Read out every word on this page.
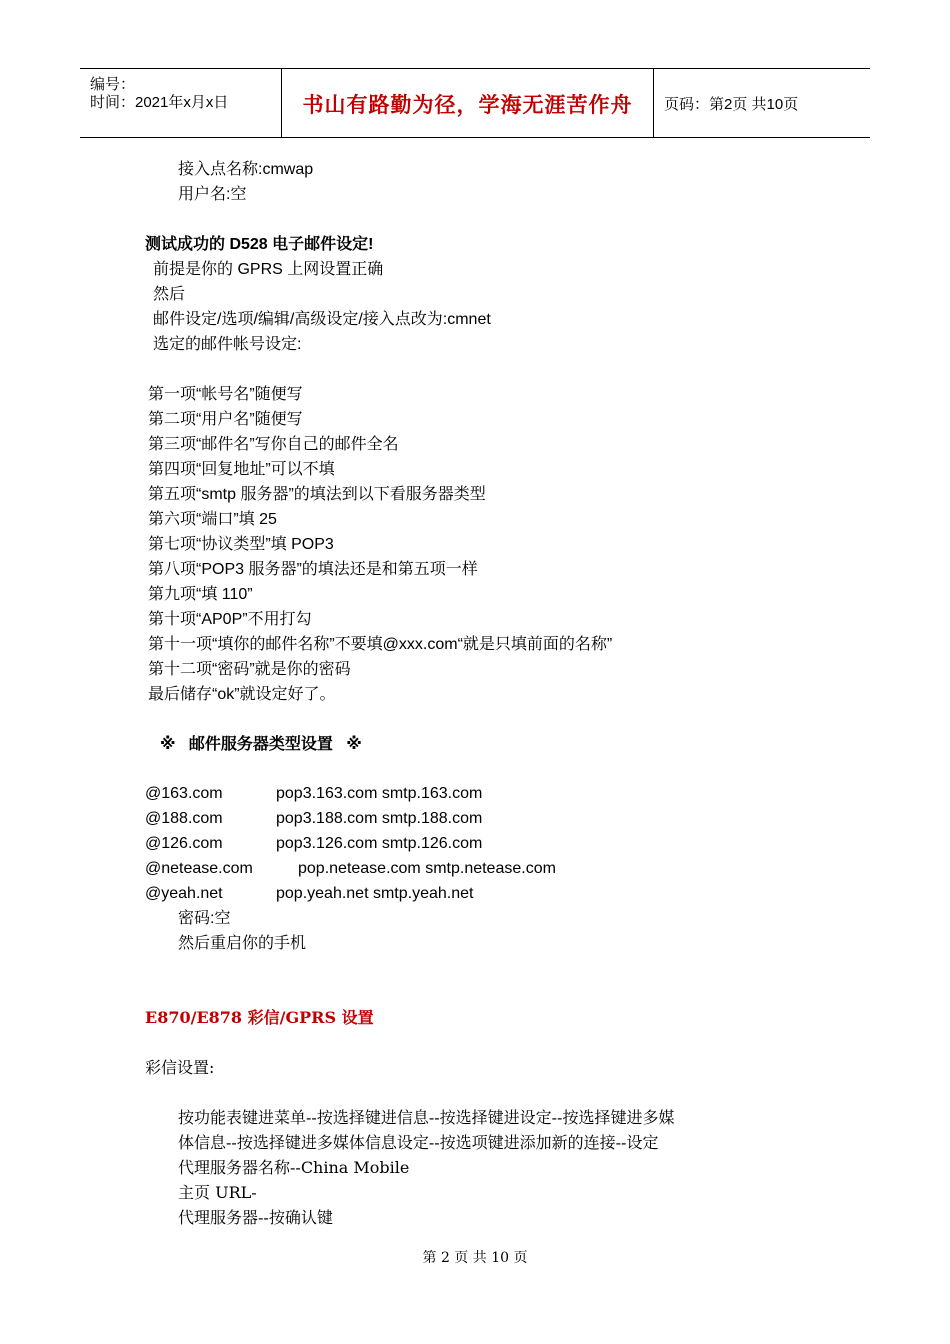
编号：
时间：2021年x月x日	书山有路勤为径，学海无涯苦作舟	页码：第2页 共10页
接入点名称:cmwap
用户名:空
测试成功的 D528 电子邮件设定!
前提是你的 GPRS 上网设置正确
然后
邮件设定/选项/编辑/高级设定/接入点改为:cmnet
选定的邮件帐号设定:
第一项“帐号名”随便写
第二项“用户名”随便写
第三项“邮件名”写你自己的邮件全名
第四项“回复地址”可以不填
第五项“smtp 服务器”的填法到以下看服务器类型
第六项“端口”填 25
第七项“协议类型”填 POP3
第八项“POP3 服务器”的填法还是和第五项一样
第九项“填 110”
第十项“AP0P”不用打勾
第十一项“填你的邮件名称”不要填@xxx.com“就是只填前面的名称”
第十二项“密码”就是你的密码
最后储存“ok”就设定好了。
※   邮件服务器类型设置   ※
@163.com	pop3.163.com smtp.163.com
@188.com	pop3.188.com smtp.188.com
@126.com	pop3.126.com smtp.126.com
@netease.com	pop.netease.com smtp.netease.com
@yeah.net	pop.yeah.net smtp.yeah.net
密码:空
然后重启你的手机
E870/E878 彩信/GPRS 设置
彩信设置:
按功能表键进菜单--按选择键进信息--按选择键进设定--按选择键进多媒
体信息--按选择键进多媒体信息设定--按选项键进添加新的连接--设定
代理服务器名称--China Mobile
主页 URL-
代理服务器--按确认键
第 2 页 共 10 页
